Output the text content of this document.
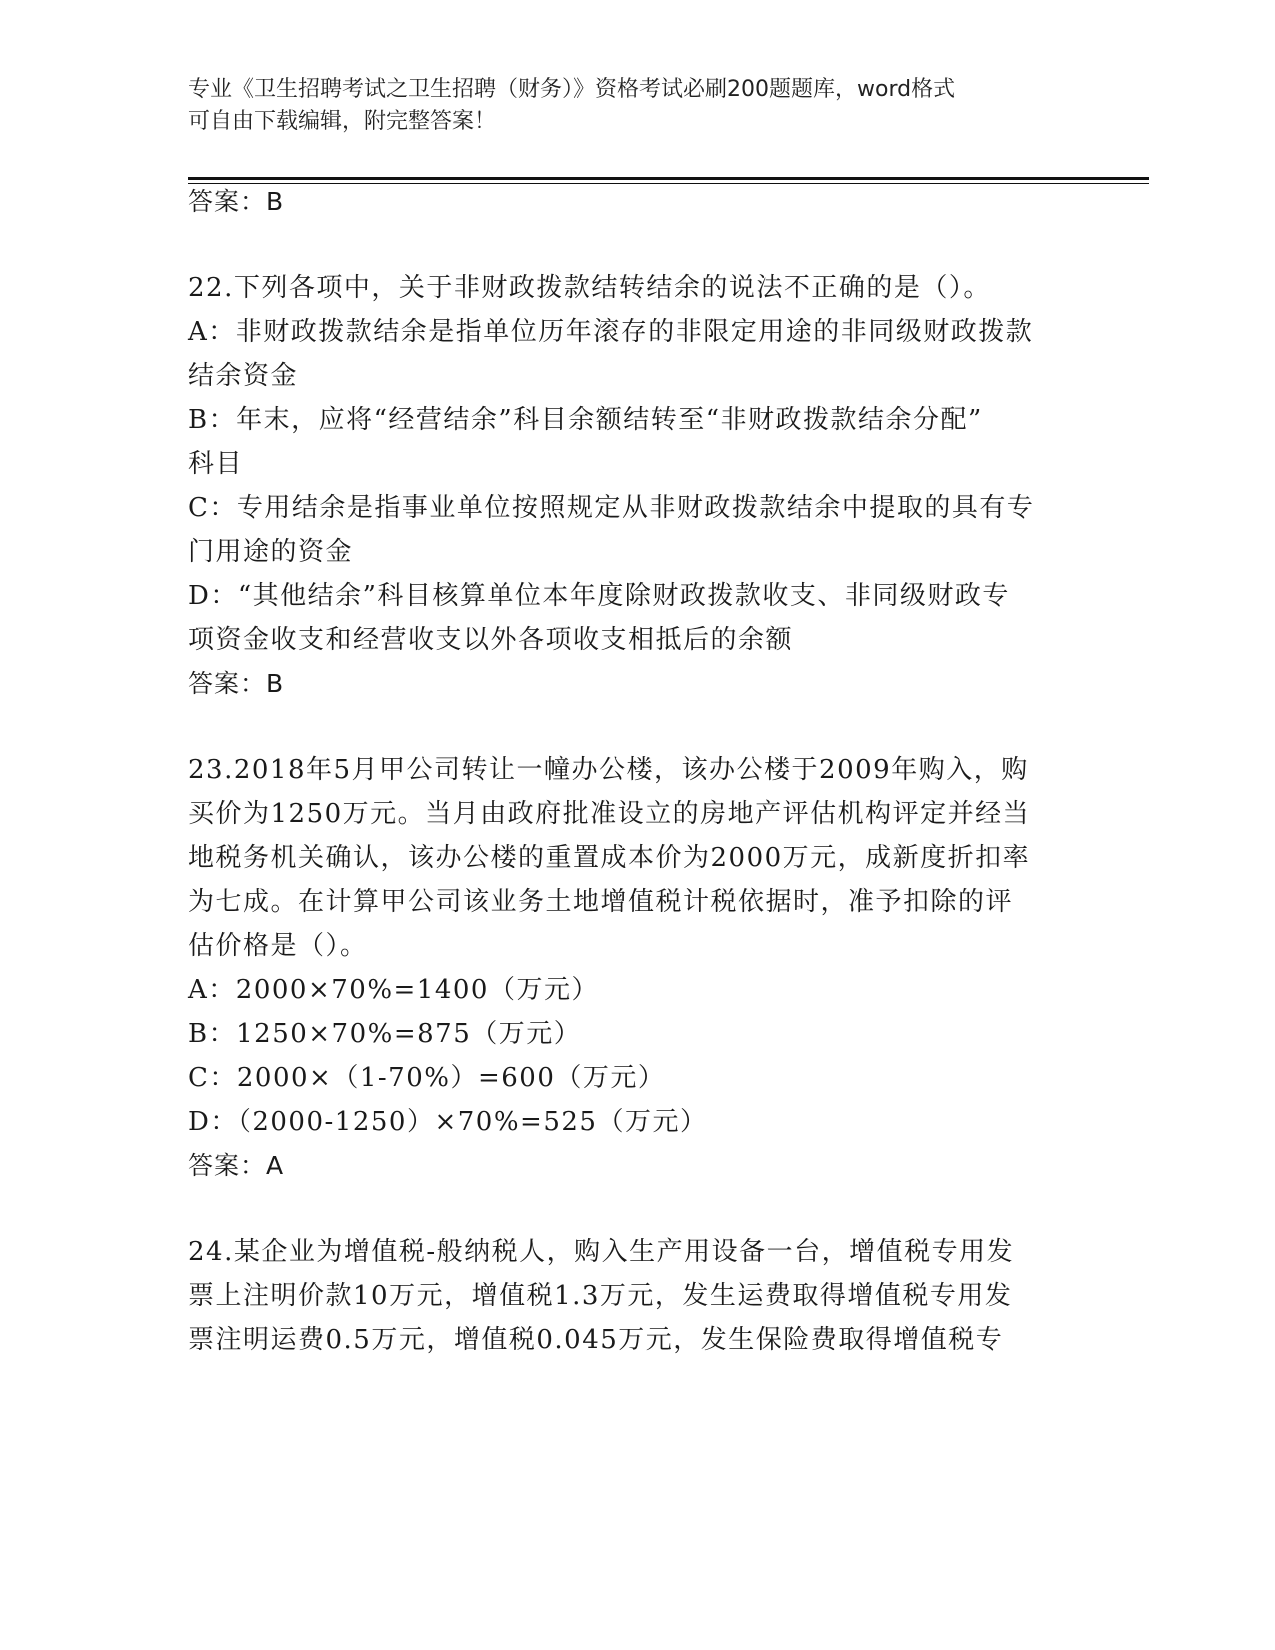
专业《卫生招聘考试之卫生招聘（财务）》资格考试必刷200题题库，word格式
可自由下载编辑，附完整答案！
答案：B
22.下列各项中，关于非财政拨款结转结余的说法不正确的是（）。
A：非财政拨款结余是指单位历年滚存的非限定用途的非同级财政拨款
结余资金
B：年末，应将“经营结余”科目余额结转至“非财政拨款结余分配”
科目
C：专用结余是指事业单位按照规定从非财政拨款结余中提取的具有专
门用途的资金
D：“其他结余”科目核算单位本年度除财政拨款收支、非同级财政专
项资金收支和经营收支以外各项收支相抵后的余额
答案：B
23.2018年5月甲公司转让一幢办公楼，该办公楼于2009年购入，购
买价为1250万元。当月由政府批准设立的房地产评估机构评定并经当
地税务机关确认，该办公楼的重置成本价为2000万元，成新度折扣率
为七成。在计算甲公司该业务土地增值税计税依据时，准予扣除的评
估价格是（）。
A：2000×70%=1400（万元）
B：1250×70%=875（万元）
C：2000×（1-70%）=600（万元）
D：（2000-1250）×70%=525（万元）
答案：A
24.某企业为增值税-般纳税人，购入生产用设备一台，增值税专用发
票上注明价款10万元，增值税1.3万元，发生运费取得增值税专用发
票注明运费0.5万元，增值税0.045万元，发生保险费取得增值税专
